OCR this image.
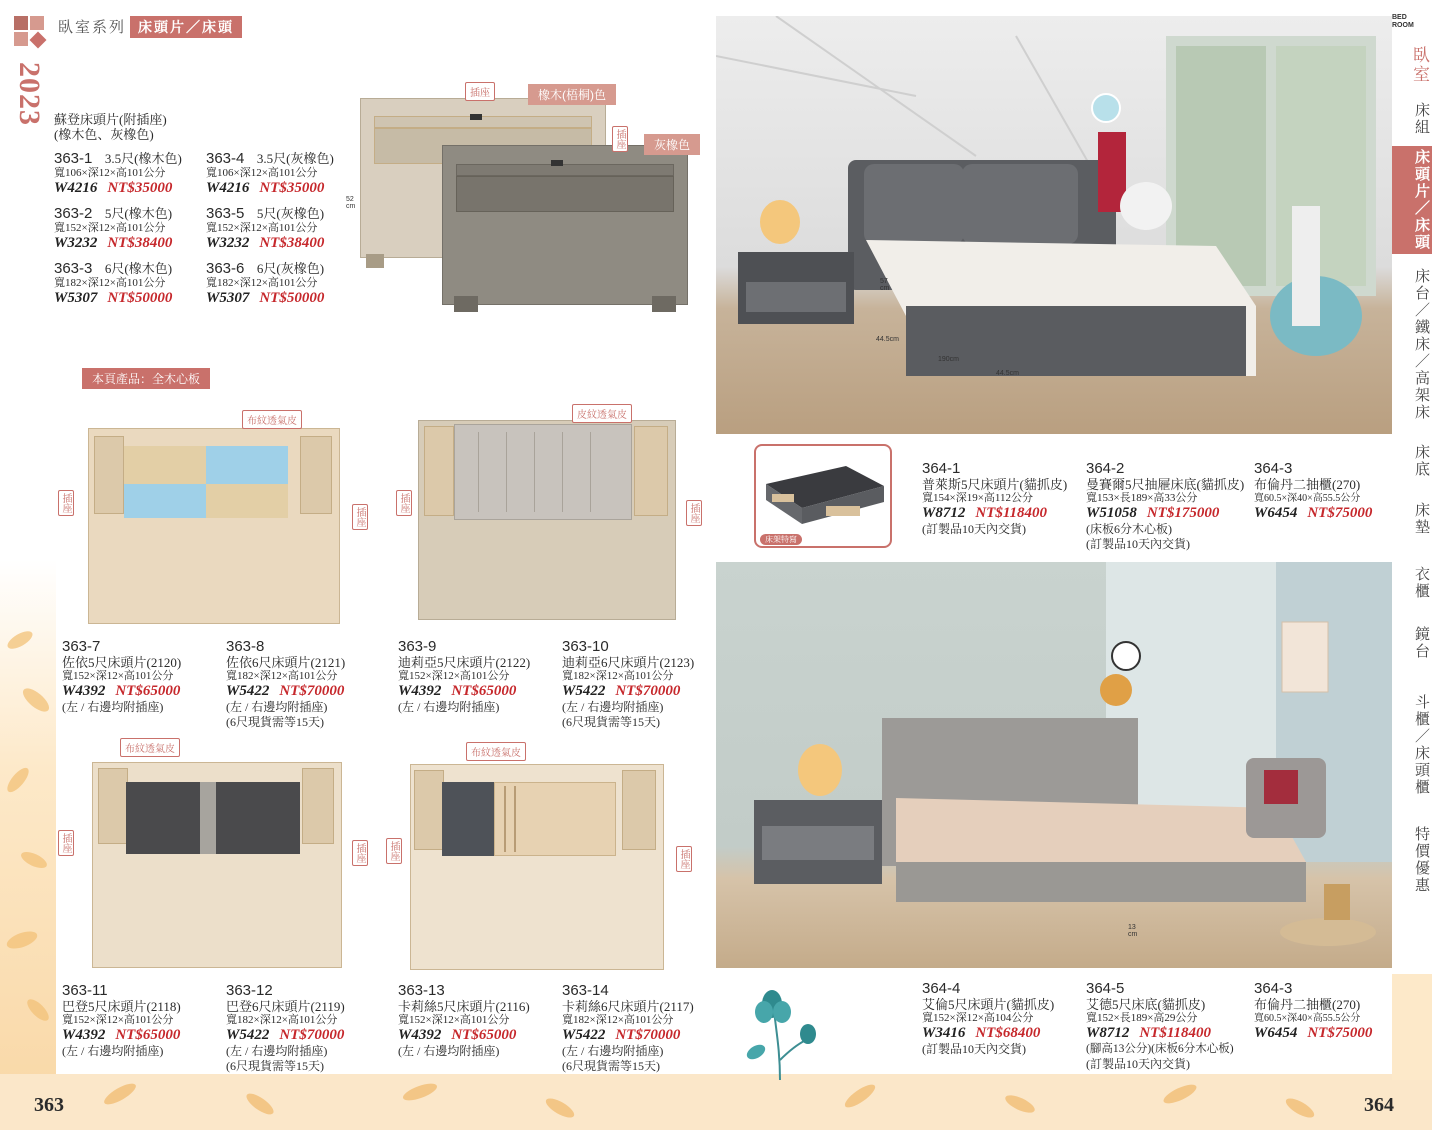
臥室系列 床頭片／床頭
2023 蘇登床頭片(附插座)
(橡木色、灰橡色)
363-1 3.5尺(橡木色)
寬106×深12×高101公分
W4216 NT$35000
363-4 3.5尺(灰橡色)
寬106×深12×高101公分
W4216 NT$35000
363-2 5尺(橡木色)
寬152×深12×高101公分
W3232 NT$38400
363-5 5尺(灰橡色)
寬152×深12×高101公分
W3232 NT$38400
363-3 6尺(橡木色)
寬182×深12×高101公分
W5307 NT$50000
363-6 6尺(灰橡色)
寬182×深12×高101公分
W5307 NT$50000
插座
插座
橡木(梧桐)色
灰橡色
52
cm
本頁產品：全木心板
布紋透氣皮
插座
插座
皮紋透氣皮
插座	插座
布紋透氣皮
插座	插座
布紋透氣皮
插座	插座
363-7
佐依5尺床頭片(2120)
寬152×深12×高101公分
W4392 NT$65000
(左 / 右邊均附插座)
363-8
佐依6尺床頭片(2121)
寬182×深12×高101公分
W5422 NT$70000
(左 / 右邊均附插座)
(6尺現貨需等15天)
363-9
迪莉亞5尺床頭片(2122)
寬152×深12×高101公分
W4392 NT$65000
(左 / 右邊均附插座)
363-10
迪莉亞6尺床頭片(2123)
寬182×深12×高101公分
W5422 NT$70000
(左 / 右邊均附插座)
(6尺現貨需等15天)
363-11
巴登5尺床頭片(2118)
寬152×深12×高101公分
W4392 NT$65000
(左 / 右邊均附插座)
363-12
巴登6尺床頭片(2119)
寬182×深12×高101公分
W5422 NT$70000
(左 / 右邊均附插座)
(6尺現貨需等15天)
363-13
卡莉絲5尺床頭片(2116)
寬152×深12×高101公分
W4392 NT$65000
(左 / 右邊均附插座)
363-14
卡莉絲6尺床頭片(2117)
寬182×深12×高101公分
W5422 NT$70000
(左 / 右邊均附插座)
(6尺現貨需等15天)
57
cm
44.5cm
190cm
44.5cm
床架特寫
364-1
普萊斯5尺床頭片(貓抓皮)
寬154×深19×高112公分
W8712 NT$118400
(訂製品10天內交貨)
364-2
曼賽爾5尺抽屜床底(貓抓皮)
寬153×長189×高33公分
W51058 NT$175000
(床板6分木心板)
(訂製品10天內交貨)
364-3
布倫丹二抽櫃(270)
寬60.5×深40×高55.5公分
W6454 NT$75000
13
cm
364-4
艾倫5尺床頭片(貓抓皮)
寬152×深12×高104公分
W3416 NT$68400
(訂製品10天內交貨)
364-5
艾德5尺床底(貓抓皮)
寬152×長189×高29公分
W8712 NT$118400
(腳高13公分)(床板6分木心板)
(訂製品10天內交貨)
364-3
布倫丹二抽櫃(270)
寬60.5×深40×高55.5公分
W6454 NT$75000
BED
ROOM
臥室
床組
床頭片／床頭
床台／鐵床／高架床
床底
床墊
衣櫃
鏡台
斗櫃／床頭櫃
特價優惠
363	364
